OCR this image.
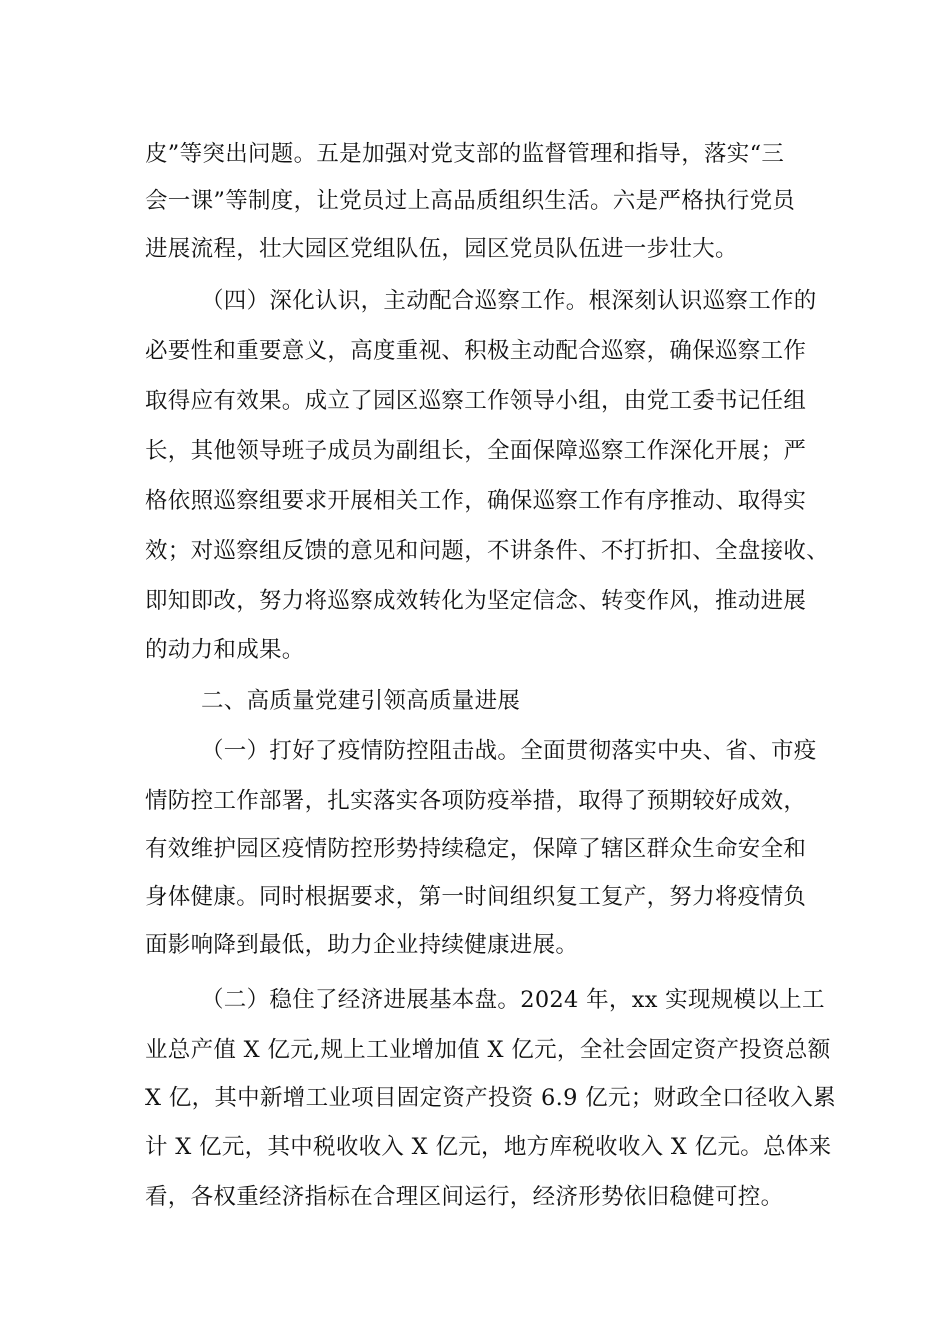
皮”等突出问题。五是加强对党支部的监督管理和指导，落实“三
会一课”等制度，让党员过上高品质组织生活。六是严格执行党员
进展流程，壮大园区党组队伍，园区党员队伍进一步壮大。
（四）深化认识，主动配合巡察工作。根深刻认识巡察工作的
必要性和重要意义，高度重视、积极主动配合巡察，确保巡察工作
取得应有效果。成立了园区巡察工作领导小组，由党工委书记任组
长，其他领导班子成员为副组长，全面保障巡察工作深化开展；严
格依照巡察组要求开展相关工作，确保巡察工作有序推动、取得实
效；对巡察组反馈的意见和问题，不讲条件、不打折扣、全盘接收、
即知即改，努力将巡察成效转化为坚定信念、转变作风，推动进展
的动力和成果。
二、高质量党建引领高质量进展
（一）打好了疫情防控阻击战。全面贯彻落实中央、省、市疫
情防控工作部署，扎实落实各项防疫举措，取得了预期较好成效，
有效维护园区疫情防控形势持续稳定，保障了辖区群众生命安全和
身体健康。同时根据要求，第一时间组织复工复产，努力将疫情负
面影响降到最低，助力企业持续健康进展。
（二）稳住了经济进展基本盘。2024 年，xx 实现规模以上工
业总产值 X 亿元,规上工业增加值 X 亿元，全社会固定资产投资总额
X 亿，其中新增工业项目固定资产投资 6.9 亿元；财政全口径收入累
计 X 亿元，其中税收收入 X 亿元，地方库税收收入 X 亿元。总体来
看，各权重经济指标在合理区间运行，经济形势依旧稳健可控。
